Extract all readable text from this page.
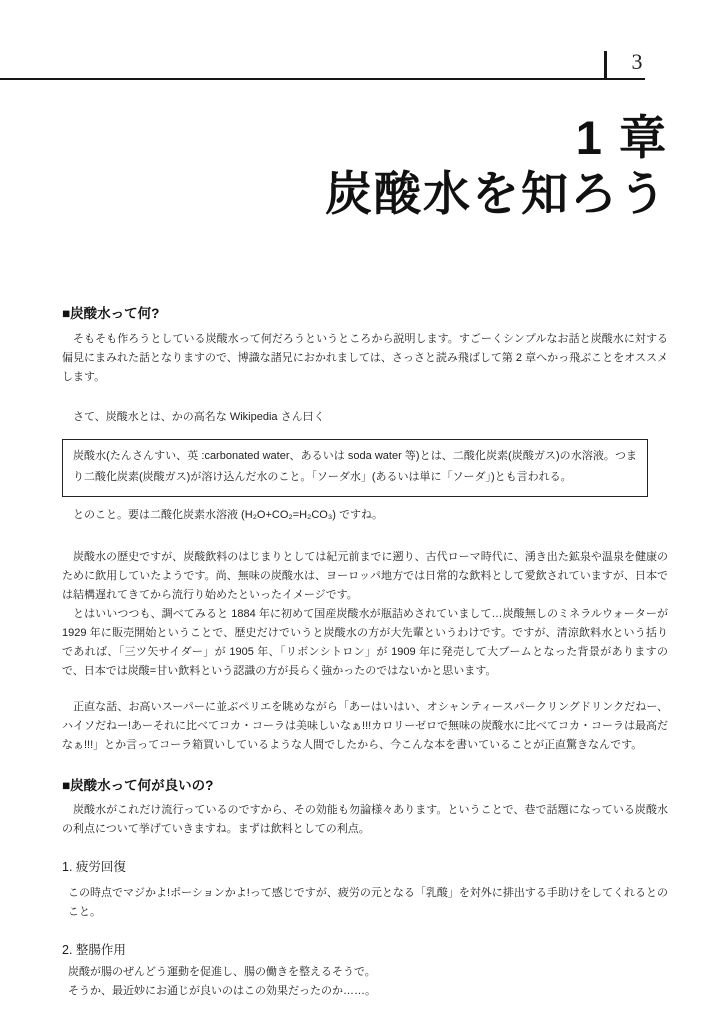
3
1 章
炭酸水を知ろう
■炭酸水って何?

そもそも作ろうとしている炭酸水って何だろうというところから説明します。すごーくシンプルなお話と炭酸水に対する偏見にまみれた話となりますので、博識な諸兄におかれましては、さっさと読み飛ばして第 2 章へかっ飛ぶことをオススメします。

さて、炭酸水とは、かの高名な Wikipedia さん曰く

炭酸水(たんさんすい、英 :carbonated water、あるいは soda water 等)とは、二酸化炭素(炭酸ガス)の水溶液。つまり二酸化炭素(炭酸ガス)が溶け込んだ水のこと。「ソーダ水」(あるいは単に「ソーダ」)とも言われる。

とのこと。要は二酸化炭素水溶液 (H₂O+CO₂=H₂CO₃) ですね。

炭酸水の歴史ですが、炭酸飲料のはじまりとしては紀元前までに遡り、古代ローマ時代に、湧き出た鉱泉や温泉を健康のために飲用していたようです。尚、無味の炭酸水は、ヨーロッパ地方では日常的な飲料として愛飲されていますが、日本では結構遅れてきてから流行り始めたといったイメージです。

とはいいつつも、調べてみると 1884 年に初めて国産炭酸水が瓶詰めされていまして…炭酸無しのミネラルウォーターが 1929 年に販売開始ということで、歴史だけでいうと炭酸水の方が大先輩というわけです。ですが、清涼飲料水という括りであれば、「三ツ矢サイダー」が 1905 年、「リボンシトロン」が 1909 年に発売して大ブームとなった背景がありますので、日本では炭酸=甘い飲料という認識の方が長らく強かったのではないかと思います。

正直な話、お高いスーパーに並ぶペリエを眺めながら「あーはいはい、オシャンティースパークリングドリンクだねー、ハイソだねー!あーそれに比べてコカ・コーラは美味しいなぁ!!!カロリーゼロで無味の炭酸水に比べてコカ・コーラは最高だなぁ!!!」とか言ってコーラ箱買いしているような人間でしたから、今こんな本を書いていることが正直驚きなんです。

■炭酸水って何が良いの?

炭酸水がこれだけ流行っているのですから、その効能も勿論様々あります。ということで、巷で話題になっている炭酸水の利点について挙げていきますね。まずは飲料としての利点。

1. 疲労回復

この時点でマジかよ!ポーションかよ!って感じですが、疲労の元となる「乳酸」を対外に排出する手助けをしてくれるとのこと。

2. 整腸作用

炭酸が腸のぜんどう運動を促進し、腸の働きを整えるそうで。

そうか、最近妙にお通じが良いのはこの効果だったのか……。
